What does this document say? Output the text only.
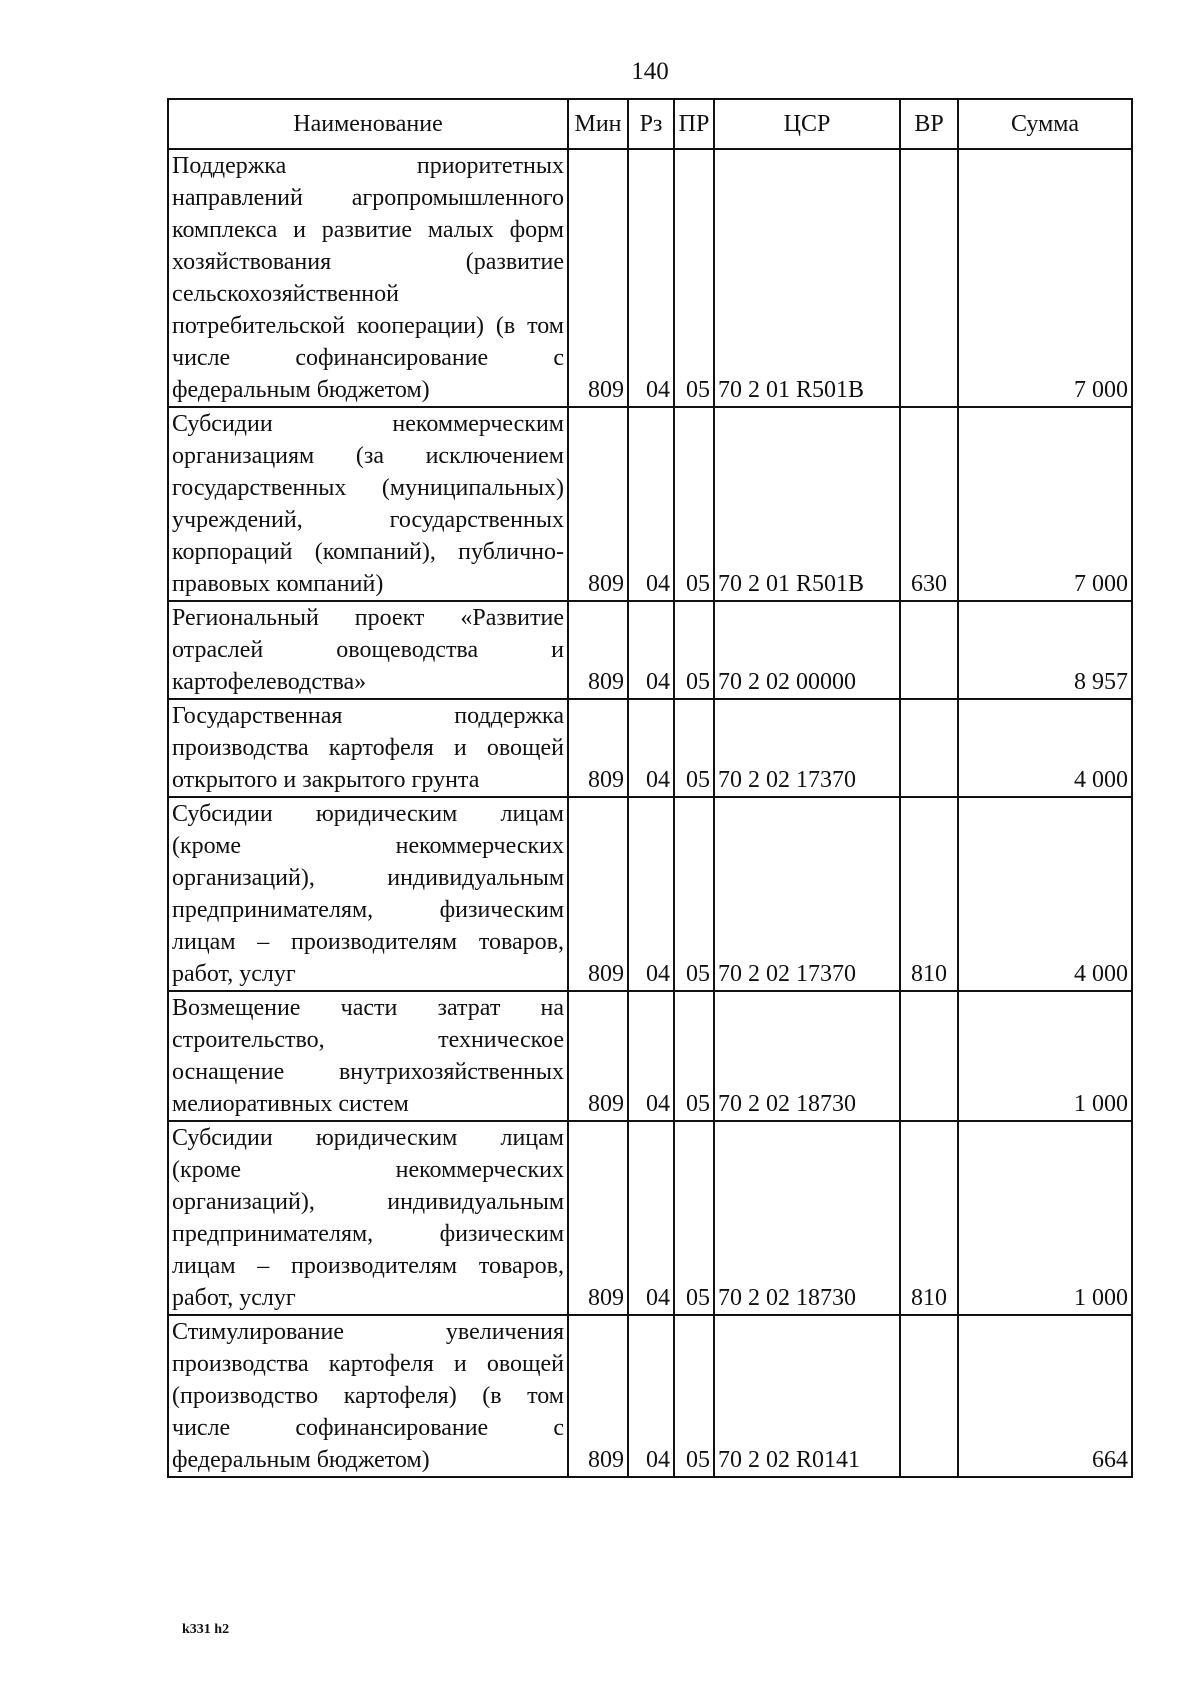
140
Наименование	Мин	Рз	ПР	ЦСР	ВР	Сумма
Поддержка приоритетных направлений агропромышленного комплекса и развитие малых форм хозяйствования (развитие сельскохозяйственной потребительской кооперации) (в том числе софинансирование с федеральным бюджетом)	809	04	05	70 2 01 R501B		7 000
Субсидии некоммерческим организациям (за исключением государственных (муниципальных) учреждений, государственных корпораций (компаний), публично-правовых компаний)	809	04	05	70 2 01 R501B	630	7 000
Региональный проект «Развитие отраслей овощеводства и картофелеводства»	809	04	05	70 2 02 00000		8 957
Государственная поддержка производства картофеля и овощей открытого и закрытого грунта	809	04	05	70 2 02 17370		4 000
Субсидии юридическим лицам (кроме некоммерческих организаций), индивидуальным предпринимателям, физическим лицам – производителям товаров, работ, услуг	809	04	05	70 2 02 17370	810	4 000
Возмещение части затрат на строительство, техническое оснащение внутрихозяйственных мелиоративных систем	809	04	05	70 2 02 18730		1 000
Субсидии юридическим лицам (кроме некоммерческих организаций), индивидуальным предпринимателям, физическим лицам – производителям товаров, работ, услуг	809	04	05	70 2 02 18730	810	1 000
Стимулирование увеличения производства картофеля и овощей (производство картофеля) (в том числе софинансирование с федеральным бюджетом)	809	04	05	70 2 02 R0141		664
k331 h2
